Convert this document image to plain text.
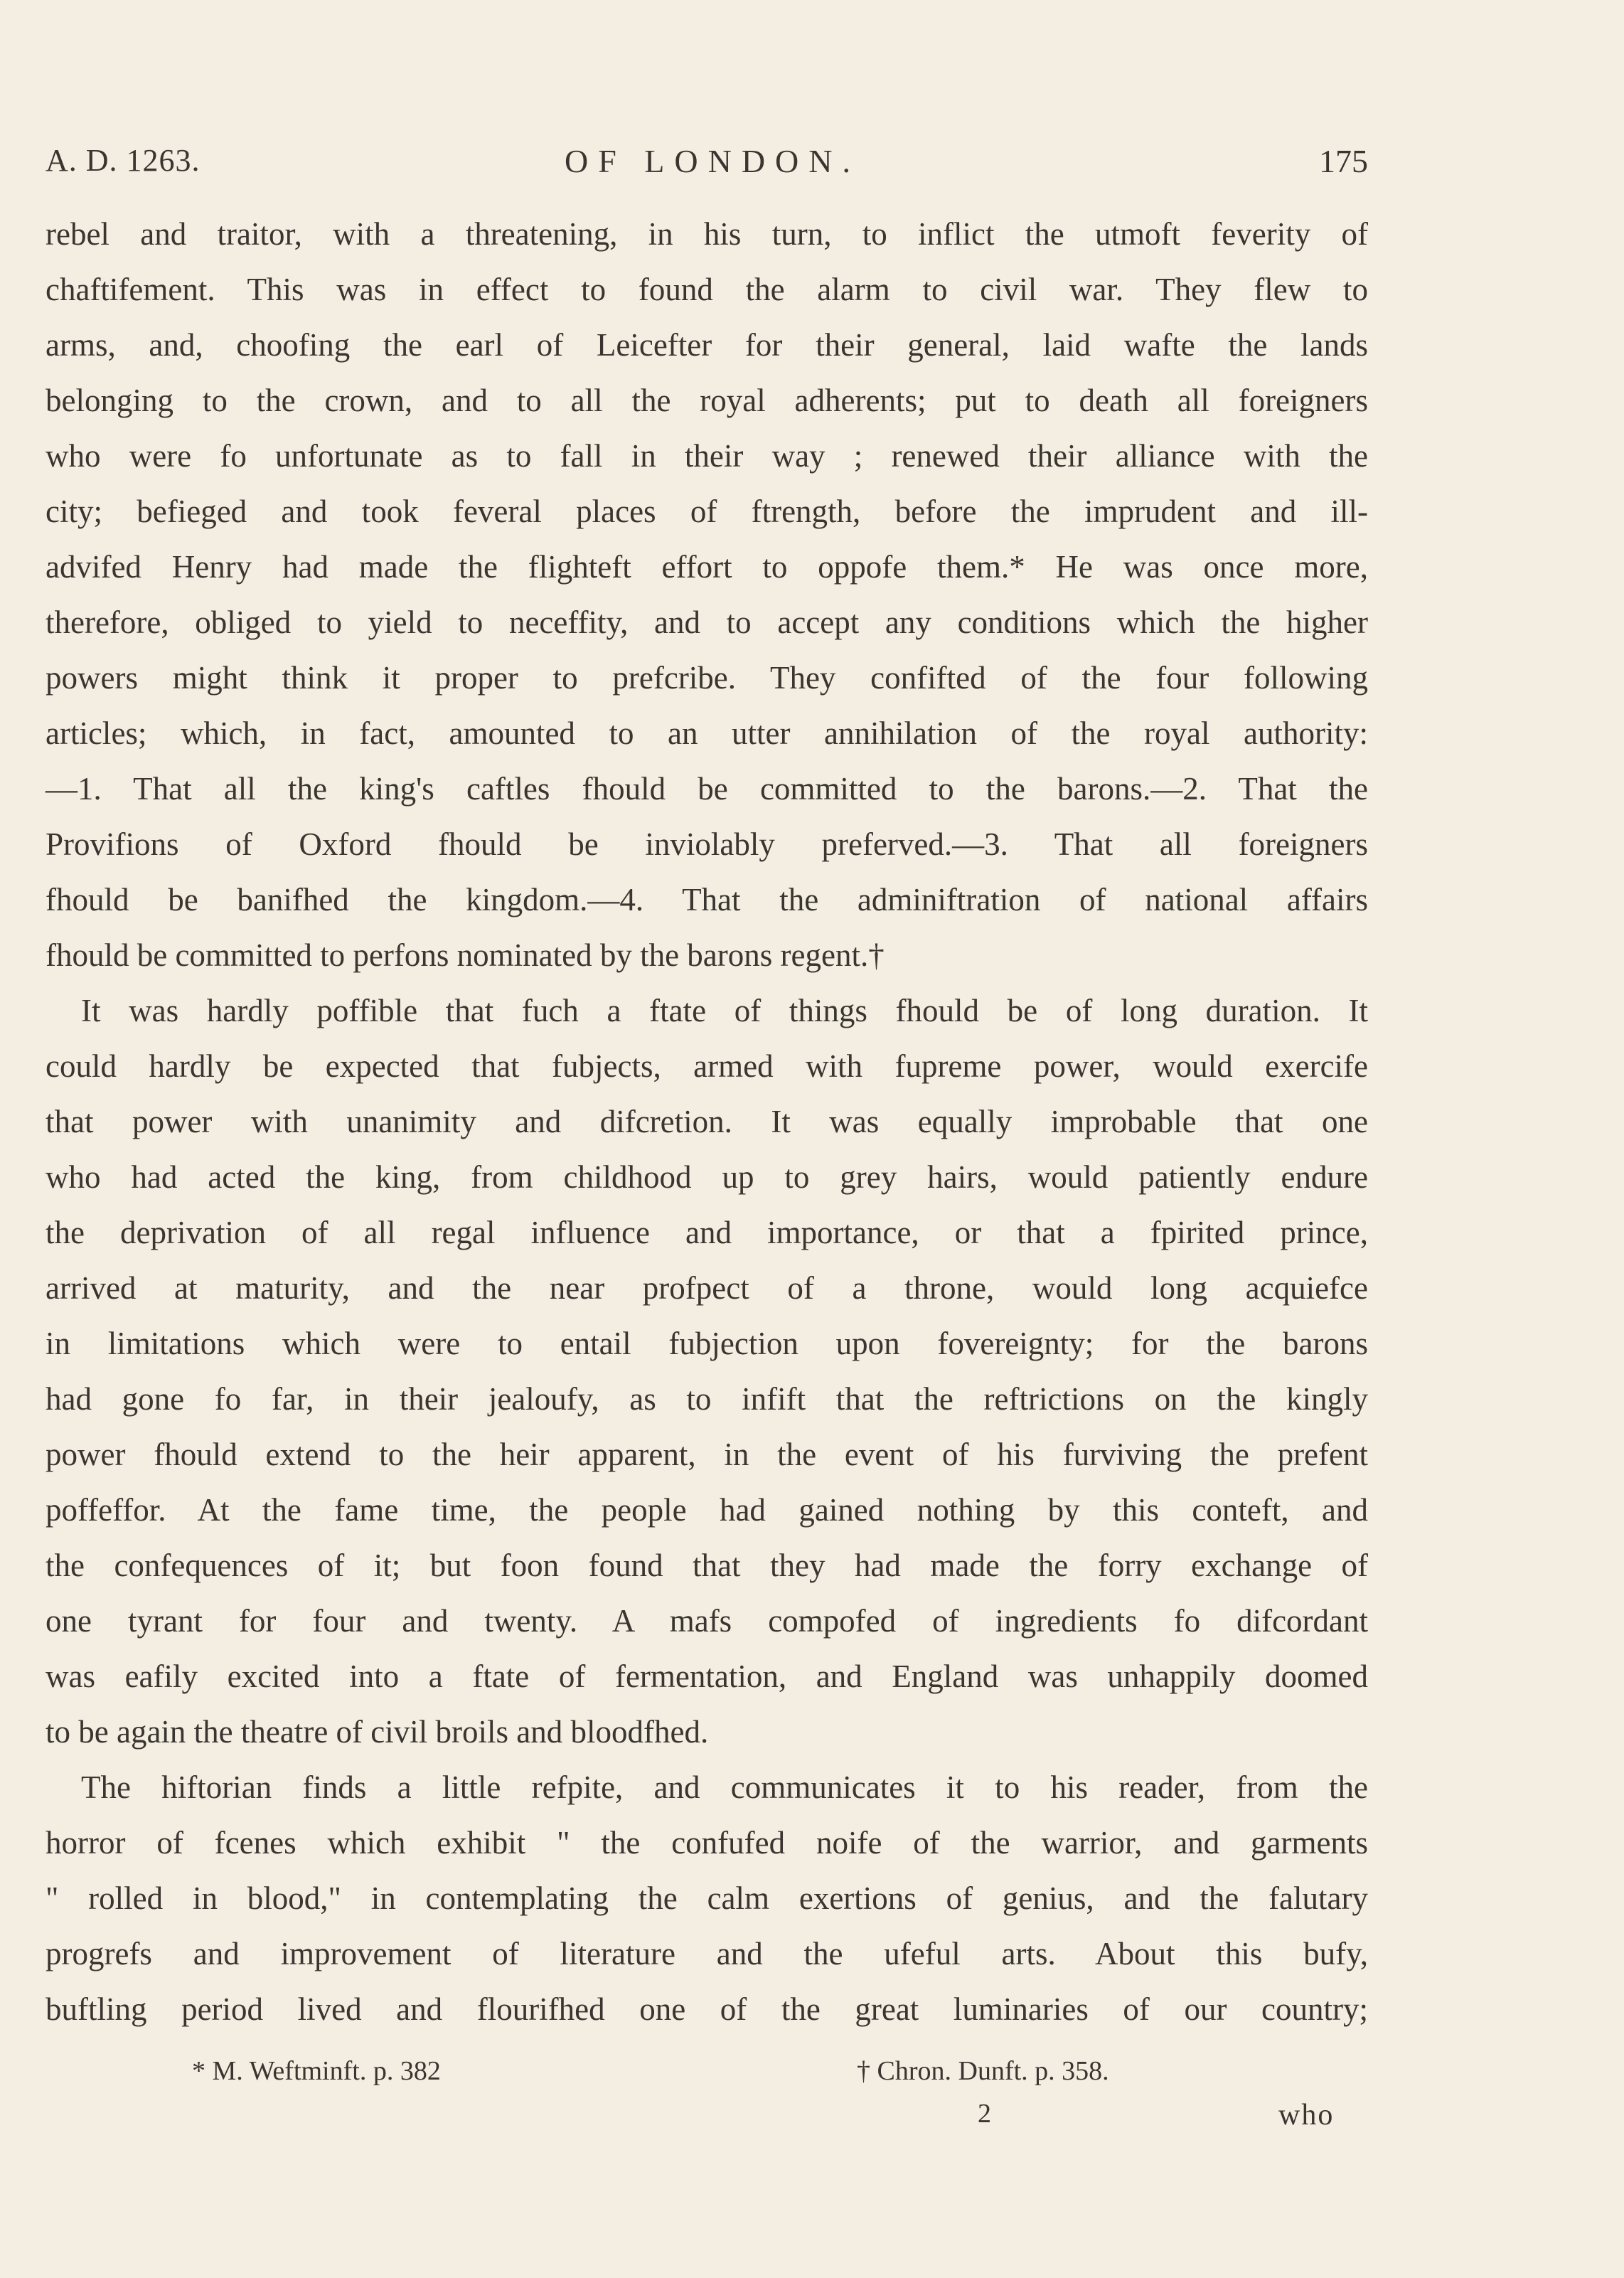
A. D. 1263.	OF LONDON.	175
rebel and traitor, with a threatening, in his turn, to inflict the utmoft feverity of
chaftifement. This was in effect to found the alarm to civil war. They flew to
arms, and, choofing the earl of Leicefter for their general, laid wafte the lands
belonging to the crown, and to all the royal adherents; put to death all foreigners
who were fo unfortunate as to fall in their way ; renewed their alliance with the
city; befieged and took feveral places of ftrength, before the imprudent and ill-
advifed Henry had made the flighteft effort to oppofe them.* He was once more,
therefore, obliged to yield to neceffity, and to accept any conditions which the higher
powers might think it proper to prefcribe. They confifted of the four following
articles; which, in fact, amounted to an utter annihilation of the royal authority:
—1. That all the king's caftles fhould be committed to the barons.—2. That the
Provifions of Oxford fhould be inviolably preferved.—3. That all foreigners
fhould be banifhed the kingdom.—4. That the adminiftration of national affairs
fhould be committed to perfons nominated by the barons regent.†
It was hardly poffible that fuch a ftate of things fhould be of long duration. It
could hardly be expected that fubjects, armed with fupreme power, would exercife
that power with unanimity and difcretion. It was equally improbable that one
who had acted the king, from childhood up to grey hairs, would patiently endure
the deprivation of all regal influence and importance, or that a fpirited prince,
arrived at maturity, and the near profpect of a throne, would long acquiefce
in limitations which were to entail fubjection upon fovereignty; for the barons
had gone fo far, in their jealoufy, as to infift that the reftrictions on the kingly
power fhould extend to the heir apparent, in the event of his furviving the prefent
poffeffor. At the fame time, the people had gained nothing by this conteft, and
the confequences of it; but foon found that they had made the forry exchange of
one tyrant for four and twenty. A mafs compofed of ingredients fo difcordant
was eafily excited into a ftate of fermentation, and England was unhappily doomed
to be again the theatre of civil broils and bloodfhed.
The hiftorian finds a little refpite, and communicates it to his reader, from the
horror of fcenes which exhibit " the confufed noife of the warrior, and garments
" rolled in blood," in contemplating the calm exertions of genius, and the falutary
progrefs and improvement of literature and the ufeful arts. About this bufy,
buftling period lived and flourifhed one of the great luminaries of our country;
* M. Weftminft. p. 382	† Chron. Dunft. p. 358.
2	who
